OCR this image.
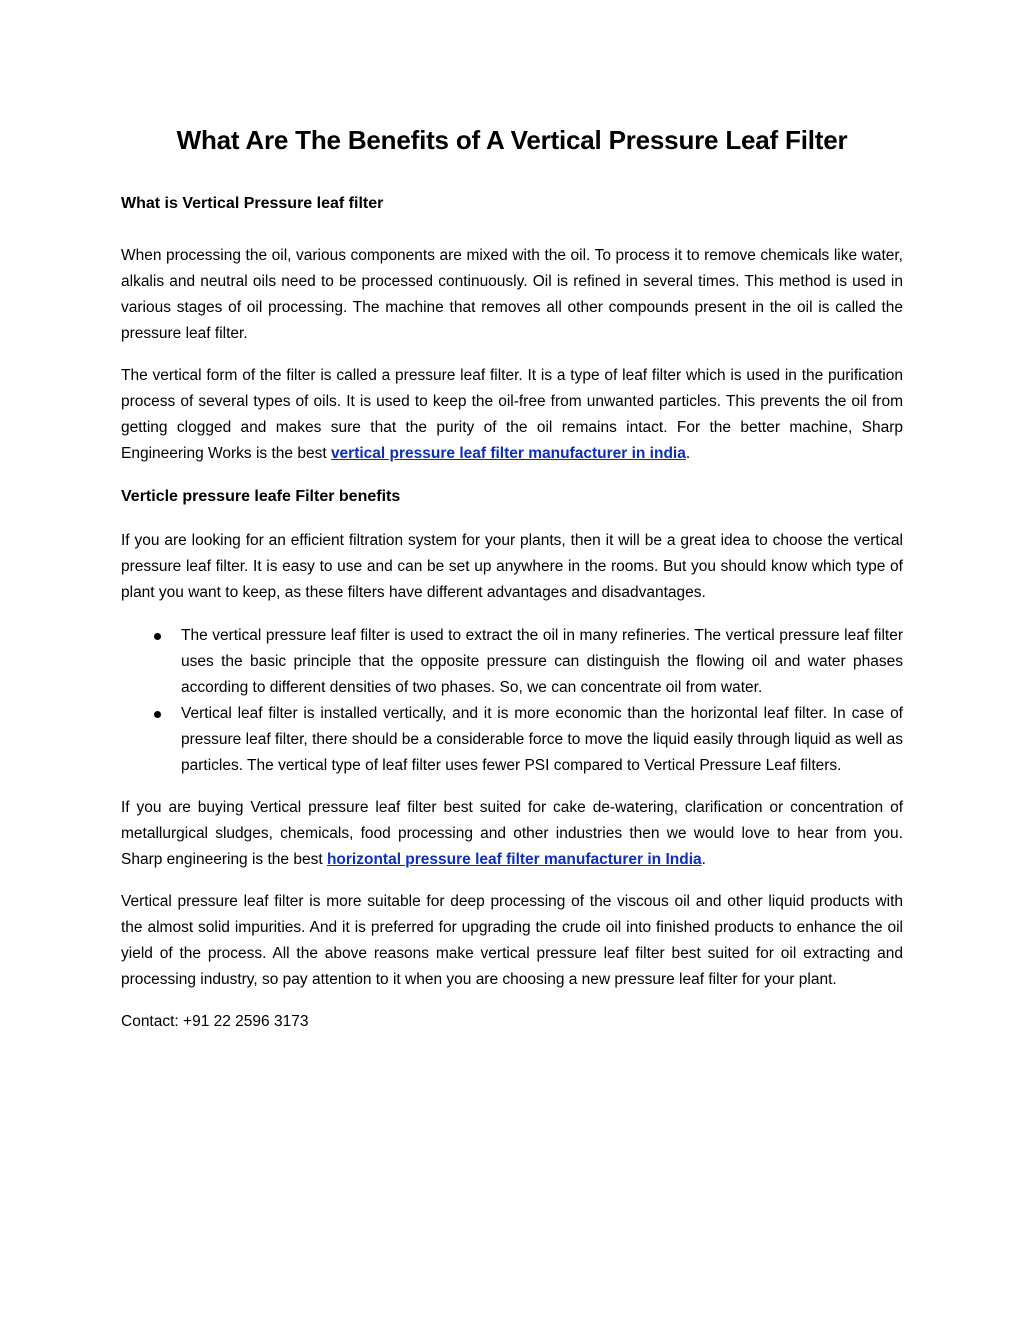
What Are The Benefits of A Vertical Pressure Leaf Filter
What is Vertical Pressure leaf filter

When processing the oil, various components are mixed with the oil. To process it to remove chemicals like water, alkalis and neutral oils need to be processed continuously. Oil is refined in several times. This method is used in various stages of oil processing. The machine that removes all other compounds present in the oil is called the pressure leaf filter.

The vertical form of the filter is called a pressure leaf filter. It is a type of leaf filter which is used in the purification process of several types of oils. It is used to keep the oil-free from unwanted particles. This prevents the oil from getting clogged and makes sure that the purity of the oil remains intact. For the better machine, Sharp Engineering Works is the best vertical pressure leaf filter manufacturer in india.

Verticle pressure leafe Filter benefits

If you are looking for an efficient filtration system for your plants, then it will be a great idea to choose the vertical pressure leaf filter. It is easy to use and can be set up anywhere in the rooms. But you should know which type of plant you want to keep, as these filters have different advantages and disadvantages.

The vertical pressure leaf filter is used to extract the oil in many refineries. The vertical pressure leaf filter uses the basic principle that the opposite pressure can distinguish the flowing oil and water phases according to different densities of two phases. So, we can concentrate oil from water.
Vertical leaf filter is installed vertically, and it is more economic than the horizontal leaf filter. In case of pressure leaf filter, there should be a considerable force to move the liquid easily through liquid as well as particles. The vertical type of leaf filter uses fewer PSI compared to Vertical Pressure Leaf filters.

If you are buying Vertical pressure leaf filter best suited for cake de-watering, clarification or concentration of metallurgical sludges, chemicals, food processing and other industries then we would love to hear from you. Sharp engineering is the best horizontal pressure leaf filter manufacturer in India.

Vertical pressure leaf filter is more suitable for deep processing of the viscous oil and other liquid products with the almost solid impurities. And it is preferred for upgrading the crude oil into finished products to enhance the oil yield of the process. All the above reasons make vertical pressure leaf filter best suited for oil extracting and processing industry, so pay attention to it when you are choosing a new pressure leaf filter for your plant.

Contact: +91 22 2596 3173
